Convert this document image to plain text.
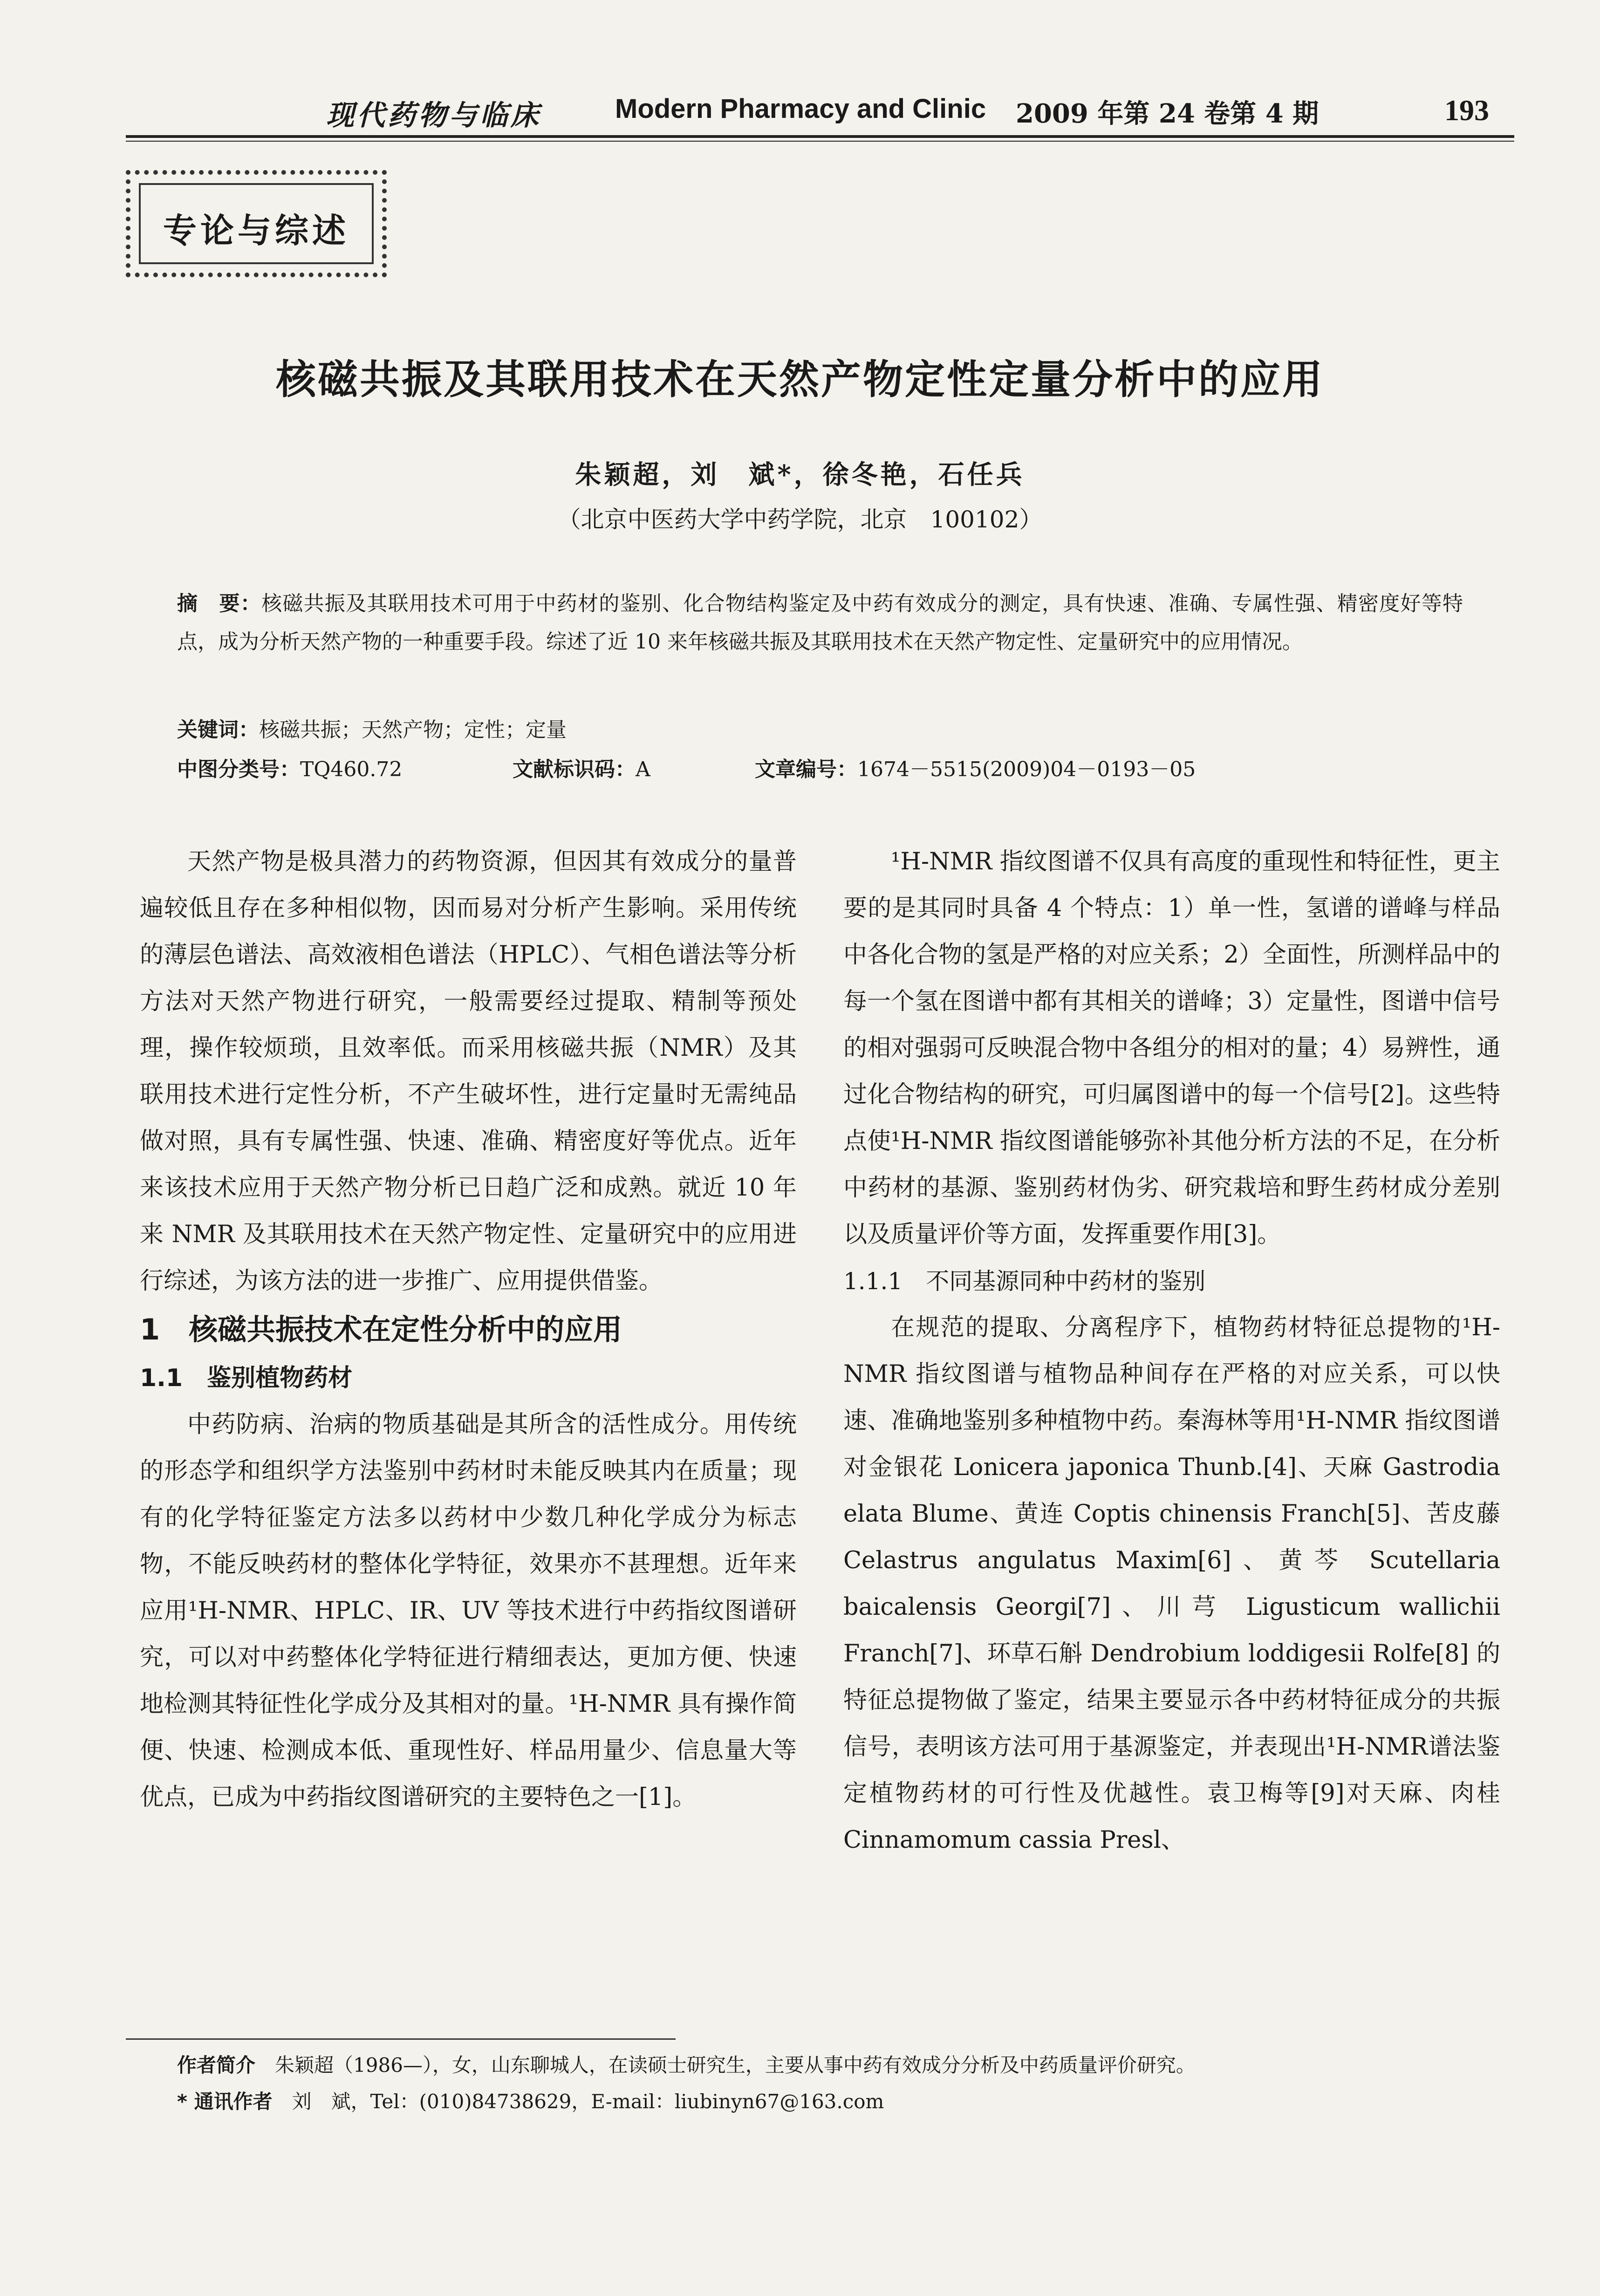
现代药物与临床	Modern Pharmacy and Clinic 2009 年第 24 卷第 4 期	193
专论与综述
核磁共振及其联用技术在天然产物定性定量分析中的应用
朱颖超，刘　斌*，徐冬艳，石任兵
（北京中医药大学中药学院，北京　100102）
摘　要：核磁共振及其联用技术可用于中药材的鉴别、化合物结构鉴定及中药有效成分的测定，具有快速、准确、专属性强、精密度好等特点，成为分析天然产物的一种重要手段。综述了近 10 来年核磁共振及其联用技术在天然产物定性、定量研究中的应用情况。
关键词：核磁共振；天然产物；定性；定量
中图分类号：TQ460.72	文献标识码：A	文章编号：1674－5515(2009)04－0193－05

天然产物是极具潜力的药物资源，但因其有效成分的量普遍较低且存在多种相似物，因而易对分析产生影响。采用传统的薄层色谱法、高效液相色谱法（HPLC）、气相色谱法等分析方法对天然产物进行研究，一般需要经过提取、精制等预处理，操作较烦琐，且效率低。而采用核磁共振（NMR）及其联用技术进行定性分析，不产生破坏性，进行定量时无需纯品做对照，具有专属性强、快速、准确、精密度好等优点。近年来该技术应用于天然产物分析已日趋广泛和成熟。就近 10 年来 NMR 及其联用技术在天然产物定性、定量研究中的应用进行综述，为该方法的进一步推广、应用提供借鉴。

1　核磁共振技术在定性分析中的应用

1.1　鉴别植物药材

中药防病、治病的物质基础是其所含的活性成分。用传统的形态学和组织学方法鉴别中药材时未能反映其内在质量；现有的化学特征鉴定方法多以药材中少数几种化学成分为标志物，不能反映药材的整体化学特征，效果亦不甚理想。近年来应用¹H-NMR、HPLC、IR、UV 等技术进行中药指纹图谱研究，可以对中药整体化学特征进行精细表达，更加方便、快速地检测其特征性化学成分及其相对的量。¹H-NMR 具有操作简便、快速、检测成本低、重现性好、样品用量少、信息量大等优点，已成为中药指纹图谱研究的主要特色之一[1]。

¹H-NMR 指纹图谱不仅具有高度的重现性和特征性，更主要的是其同时具备 4 个特点：1）单一性，氢谱的谱峰与样品中各化合物的氢是严格的对应关系；2）全面性，所测样品中的每一个氢在图谱中都有其相关的谱峰；3）定量性，图谱中信号的相对强弱可反映混合物中各组分的相对的量；4）易辨性，通过化合物结构的研究，可归属图谱中的每一个信号[2]。这些特点使¹H-NMR 指纹图谱能够弥补其他分析方法的不足，在分析中药材的基源、鉴别药材伪劣、研究栽培和野生药材成分差别以及质量评价等方面，发挥重要作用[3]。

1.1.1　不同基源同种中药材的鉴别

在规范的提取、分离程序下，植物药材特征总提物的¹H-NMR 指纹图谱与植物品种间存在严格的对应关系，可以快速、准确地鉴别多种植物中药。秦海林等用¹H-NMR 指纹图谱对金银花 Lonicera japonica Thunb.[4]、天麻 Gastrodia elata Blume、黄连 Coptis chinensis Franch[5]、苦皮藤 Celastrus angulatus Maxim[6]、黄芩 Scutellaria baicalensis Georgi[7]、川芎 Ligusticum wallichii Franch[7]、环草石斛 Dendrobium loddigesii Rolfe[8] 的特征总提物做了鉴定，结果主要显示各中药材特征成分的共振信号，表明该方法可用于基源鉴定，并表现出¹H-NMR谱法鉴定植物药材的可行性及优越性。袁卫梅等[9]对天麻、肉桂 Cinnamomum cassia Presl、

作者简介　 朱颖超（1986—），女，山东聊城人，在读硕士研究生，主要从事中药有效成分分析及中药质量评价研究。
* 通讯作者　 刘　斌，Tel：(010)84738629，E-mail：liubinyn67@163.com
